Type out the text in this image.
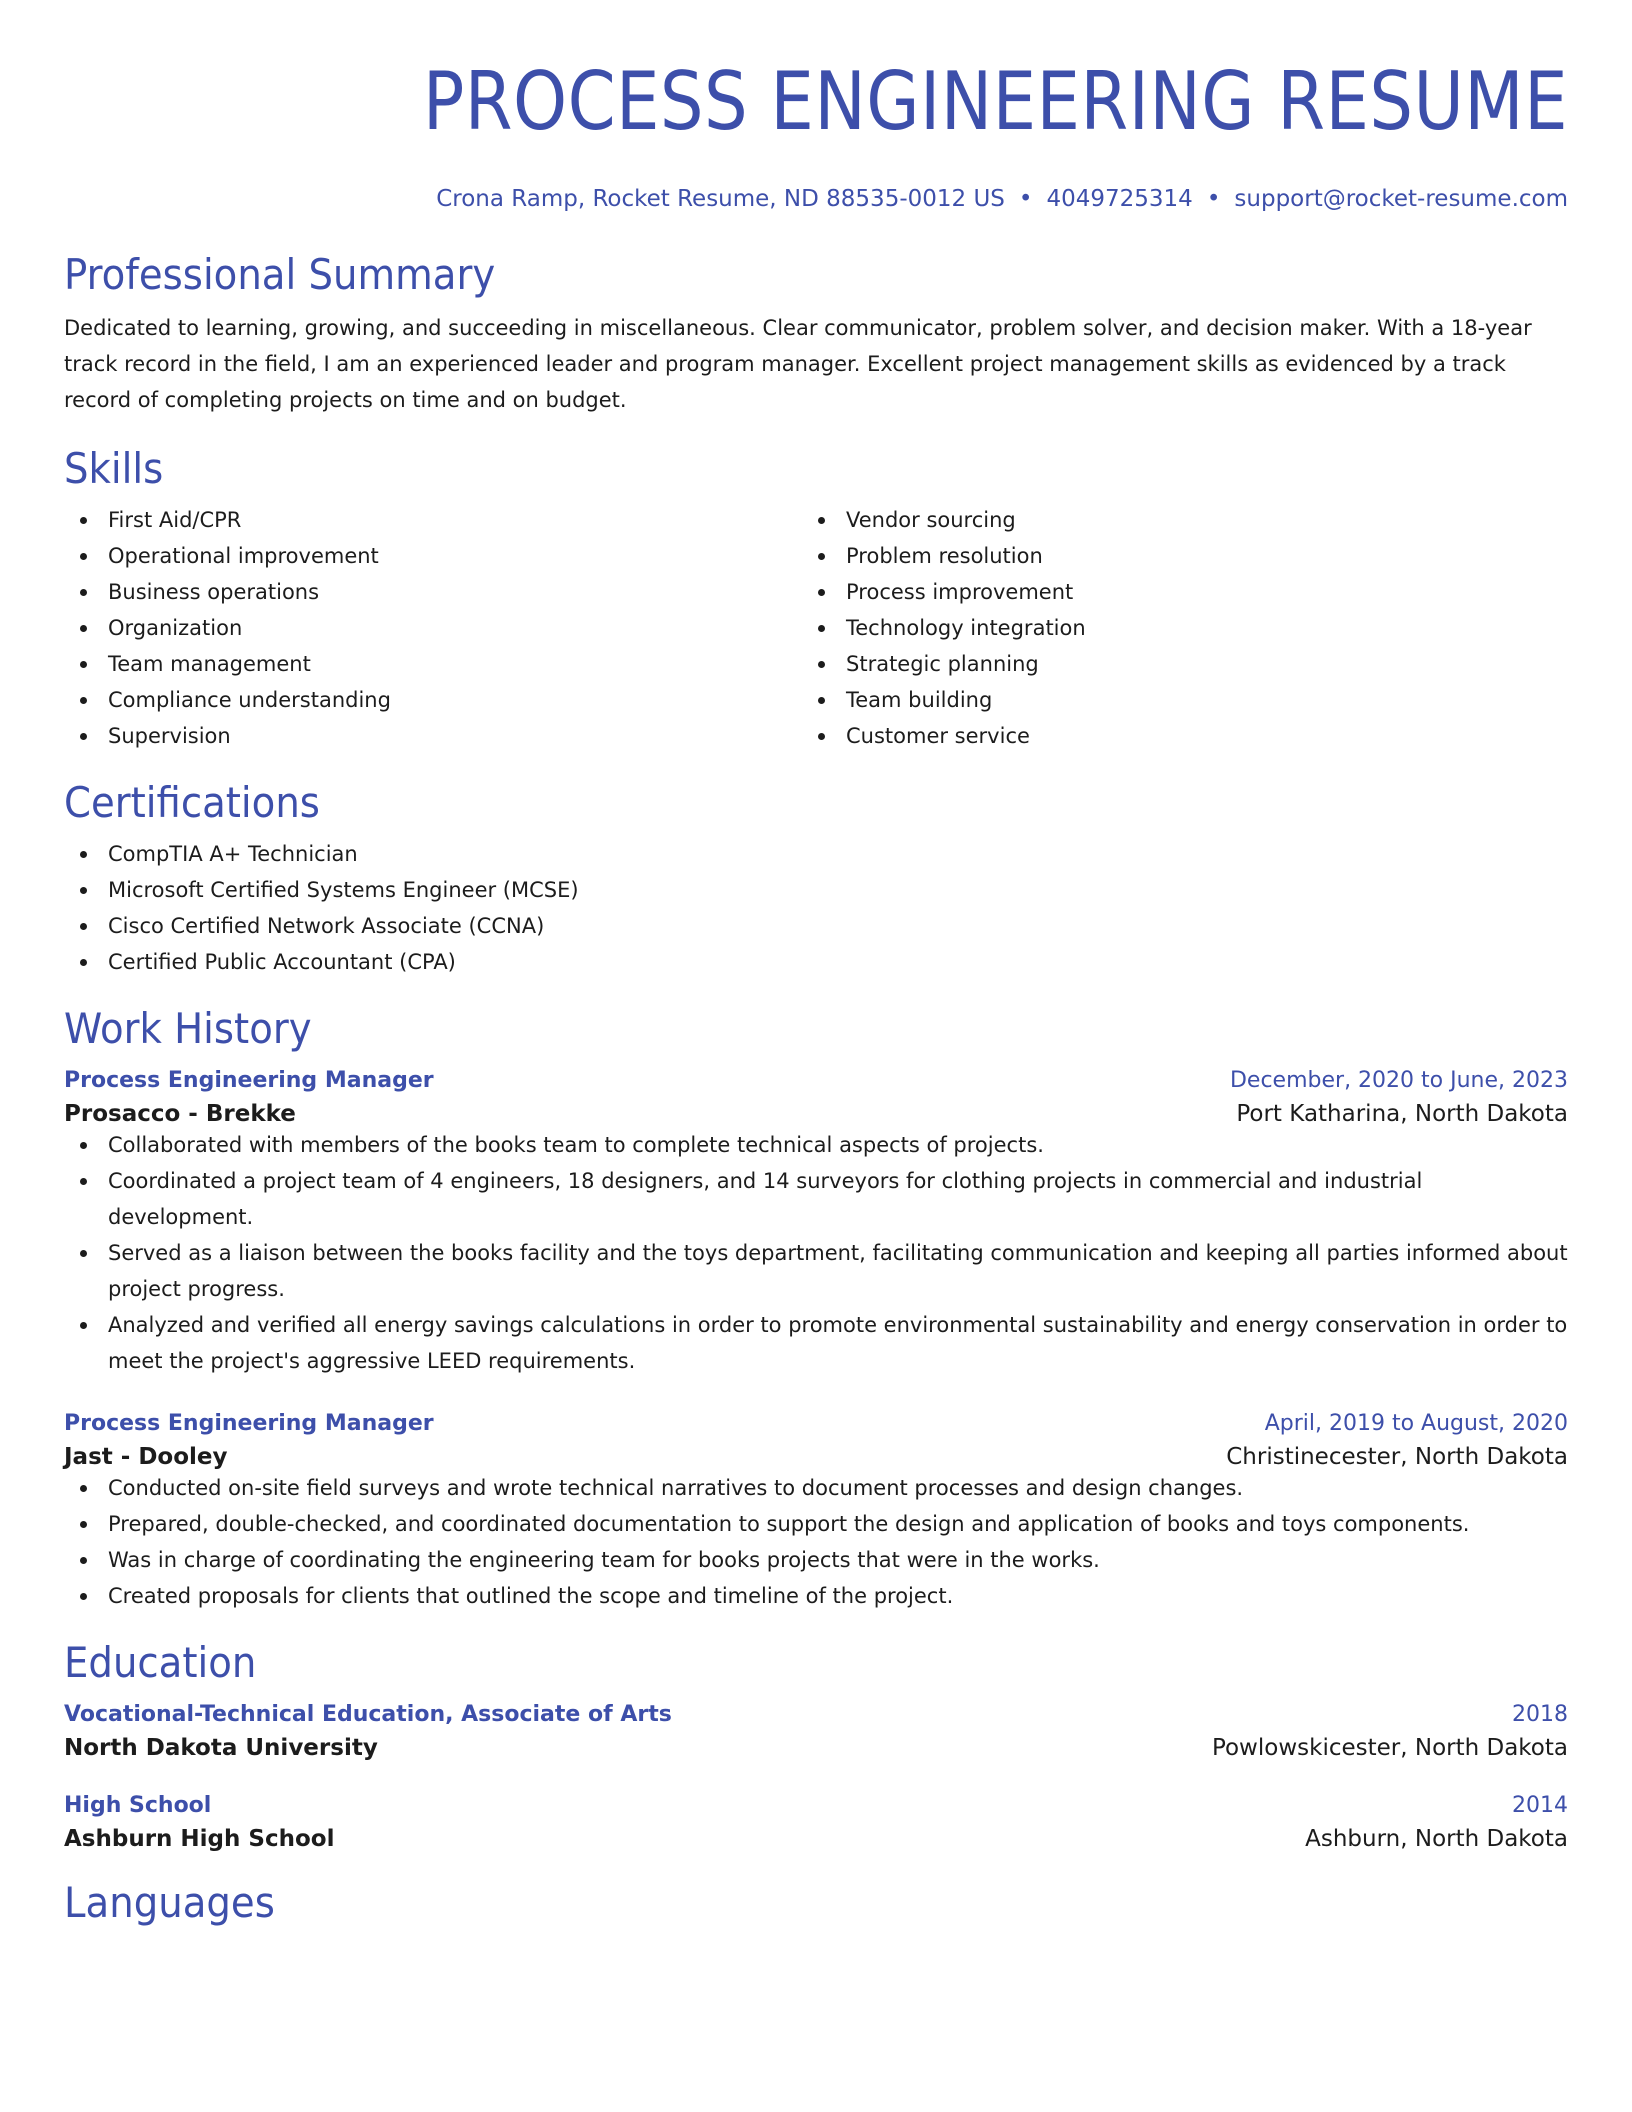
PROCESS ENGINEERING RESUME
Crona Ramp, Rocket Resume, ND 88535-0012 US • 4049725314 • support@rocket-resume.com
Professional Summary

Dedicated to learning, growing, and succeeding in miscellaneous. Clear communicator, problem solver, and decision maker. With a 18-year track record in the field, I am an experienced leader and program manager. Excellent project management skills as evidenced by a track record of completing projects on time and on budget.

Skills
First Aid/CPR
Operational improvement
Business operations
Organization
Team management
Compliance understanding
Supervision
Vendor sourcing
Problem resolution
Process improvement
Technology integration
Strategic planning
Team building
Customer service
Certifications
CompTIA A+ Technician
Microsoft Certified Systems Engineer (MCSE)
Cisco Certified Network Associate (CCNA)
Certified Public Accountant (CPA)
Work History
Process Engineering Manager	December, 2020 to June, 2023
Prosacco - Brekke	Port Katharina, North Dakota
Collaborated with members of the books team to complete technical aspects of projects.
Coordinated a project team of 4 engineers, 18 designers, and 14 surveyors for clothing projects in commercial and industrial development.
Served as a liaison between the books facility and the toys department, facilitating communication and keeping all parties informed about project progress.
Analyzed and verified all energy savings calculations in order to promote environmental sustainability and energy conservation in order to meet the project's aggressive LEED requirements.
Process Engineering Manager	April, 2019 to August, 2020
Jast - Dooley	Christinecester, North Dakota
Conducted on-site field surveys and wrote technical narratives to document processes and design changes.
Prepared, double-checked, and coordinated documentation to support the design and application of books and toys components.
Was in charge of coordinating the engineering team for books projects that were in the works.
Created proposals for clients that outlined the scope and timeline of the project.
Education
Vocational-Technical Education, Associate of Arts	2018
North Dakota University	Powlowskicester, North Dakota
High School	2014
Ashburn High School	Ashburn, North Dakota
Languages
